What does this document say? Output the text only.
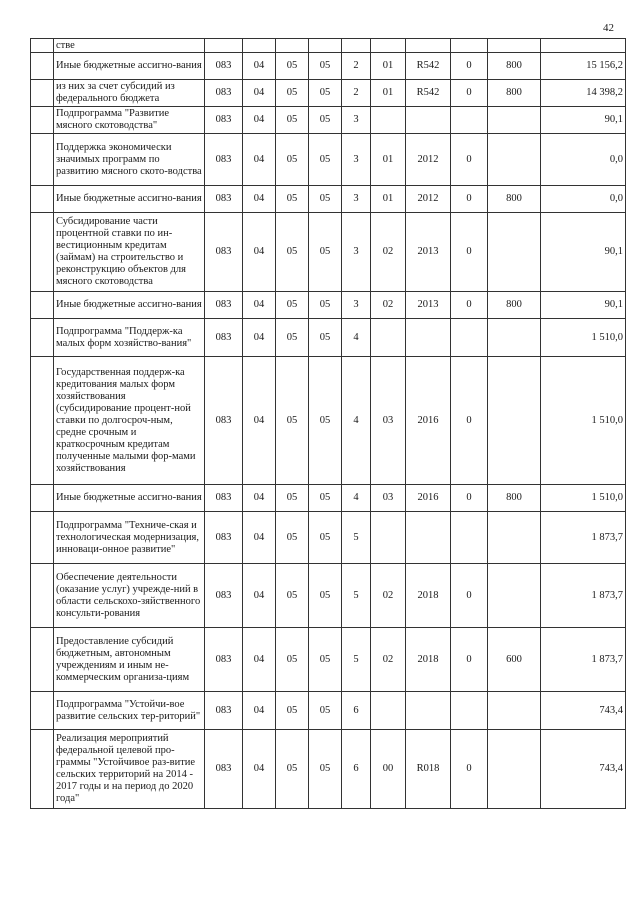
42
	стве										
	Иные бюджетные ассигно-вания	083	04	05	05	2	01	R542	0	800	15 156,2
	из них за счет субсидий из федерального бюджета	083	04	05	05	2	01	R542	0	800	14 398,2
	Подпрограмма "Развитие мясного скотоводства"	083	04	05	05	3					90,1
	Поддержка экономически значимых программ по развитию мясного ското-водства	083	04	05	05	3	01	2012	0		0,0
	Иные бюджетные ассигно-вания	083	04	05	05	3	01	2012	0	800	0,0
	Субсидирование части процентной ставки по ин-вестиционным кредитам (займам) на строительство и реконструкцию объектов для мясного скотоводства	083	04	05	05	3	02	2013	0		90,1
	Иные бюджетные ассигно-вания	083	04	05	05	3	02	2013	0	800	90,1
	Подпрограмма "Поддерж-ка малых форм хозяйство-вания"	083	04	05	05	4					1 510,0
	Государственная поддерж-ка кредитования малых форм хозяйствования (субсидирование процент-ной ставки по долгосроч-ным, средне срочным и краткосрочным кредитам полученные малыми фор-мами хозяйствования	083	04	05	05	4	03	2016	0		1 510,0
	Иные бюджетные ассигно-вания	083	04	05	05	4	03	2016	0	800	1 510,0
	Подпрограмма "Техниче-ская и технологическая модернизация, инноваци-онное развитие"	083	04	05	05	5					1 873,7
	Обеспечение деятельности (оказание услуг) учрежде-ний в области сельскохо-зяйственного консульти-рования	083	04	05	05	5	02	2018	0		1 873,7
	Предоставление субсидий бюджетным, автономным учреждениям и иным не-коммерческим организа-циям	083	04	05	05	5	02	2018	0	600	1 873,7
	Подпрограмма "Устойчи-вое развитие сельских тер-риторий"	083	04	05	05	6					743,4
	Реализация мероприятий федеральной целевой про-граммы "Устойчивое раз-витие сельских территорий на 2014 - 2017 годы и на период до 2020 года"	083	04	05	05	6	00	R018	0		743,4
